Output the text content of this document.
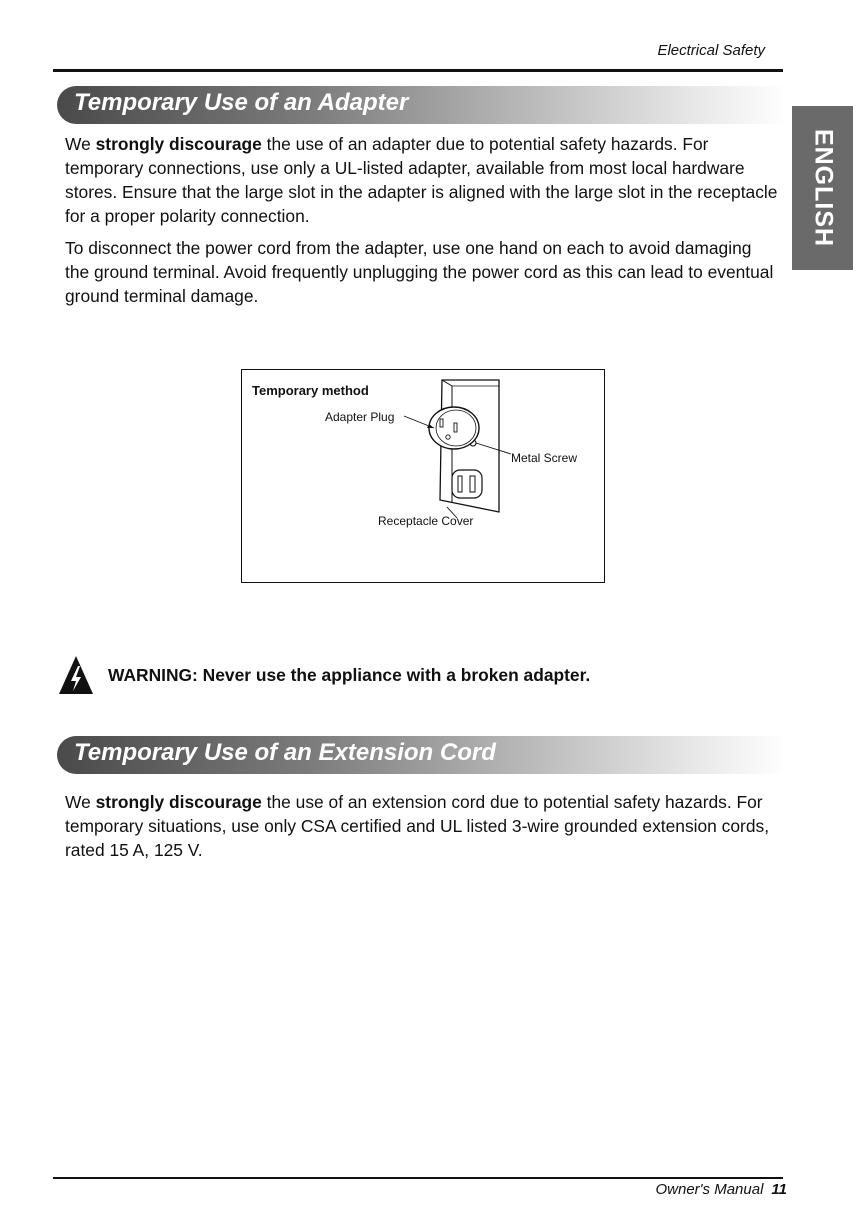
Electrical Safety
ENGLISH
Temporary Use of an Adapter

We strongly discourage the use of an adapter due to potential safety hazards. For temporary connections, use only a UL-listed adapter, available from most local hardware stores. Ensure that the large slot in the adapter is aligned with the large slot in the receptacle for a proper polarity connection.

To disconnect the power cord from the adapter, use one hand on each to avoid damaging the ground terminal. Avoid frequently unplugging the power cord as this can lead to eventual ground terminal damage.

Temporary method
Adapter Plug
Metal Screw
Receptacle Cover
WARNING: Never use the appliance with a broken adapter.
Temporary Use of an Extension Cord

We strongly discourage the use of an extension cord due to potential safety hazards. For temporary situations, use only CSA certified and UL listed 3-wire grounded extension cords, rated 15 A, 125 V.

Owner's Manual 11
